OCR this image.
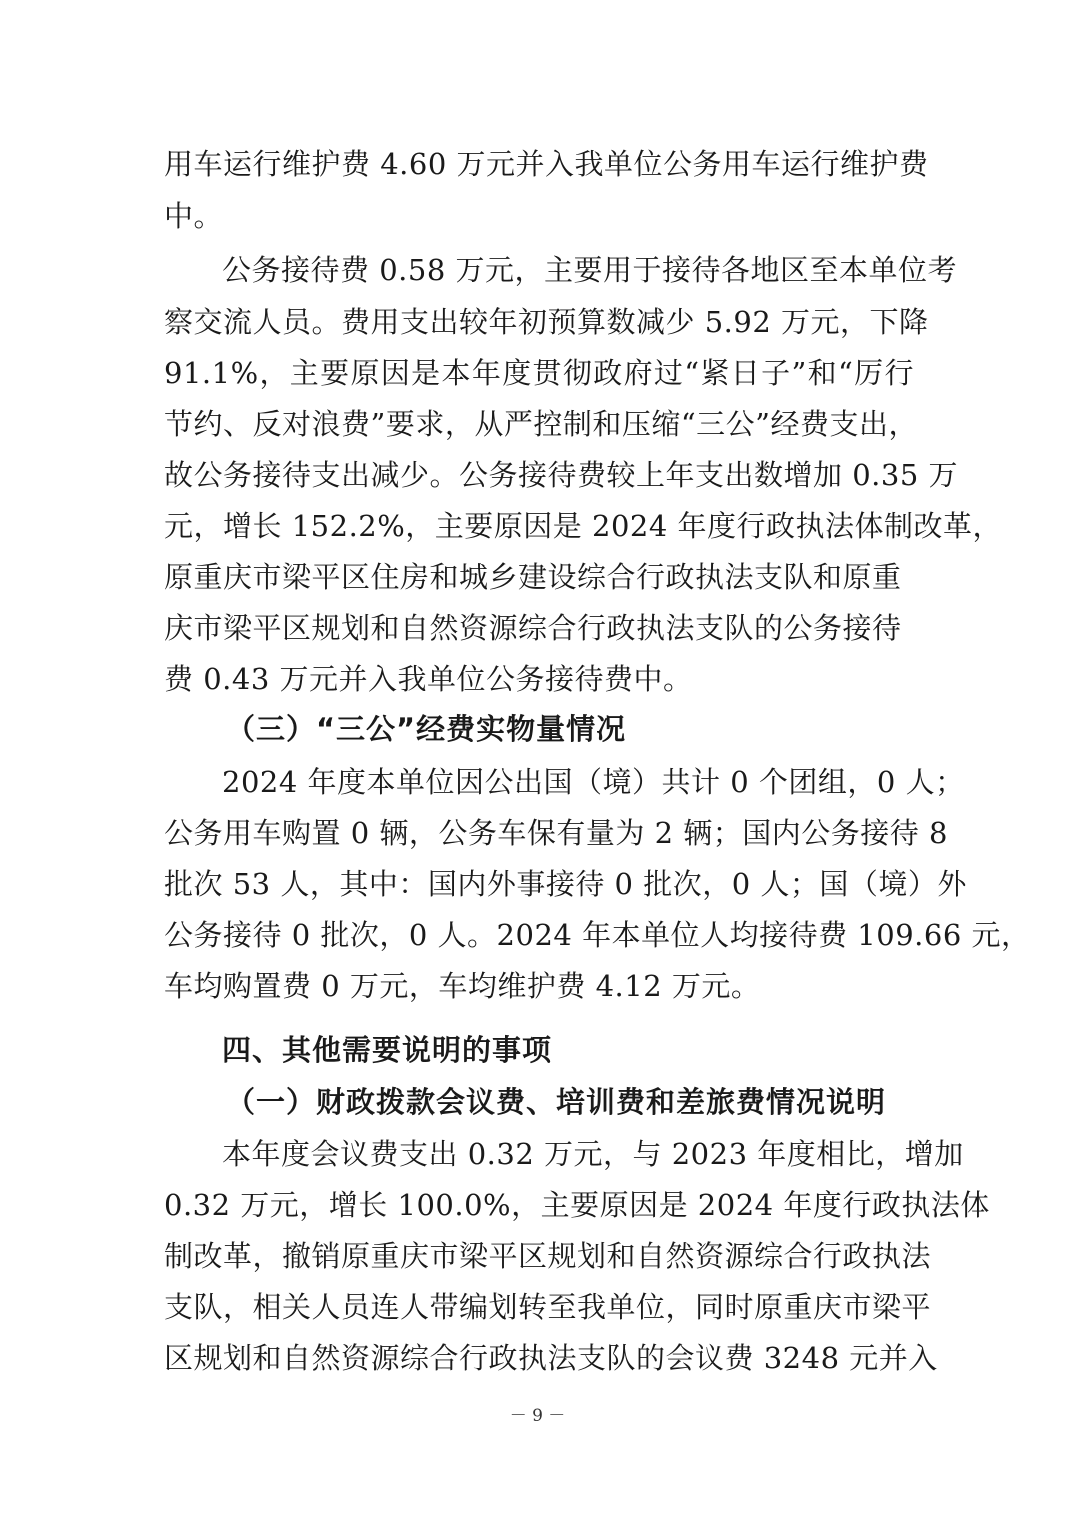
用车运行维护费 4.60 万元并入我单位公务用车运行维护费
中。
公务接待费 0.58 万元，主要用于接待各地区至本单位考
察交流人员。费用支出较年初预算数减少 5.92 万元，下降
91.1%，主要原因是本年度贯彻政府过“紧日子”和“厉行
节约、反对浪费”要求，从严控制和压缩“三公”经费支出，
故公务接待支出减少。公务接待费较上年支出数增加 0.35 万
元，增长 152.2%，主要原因是 2024 年度行政执法体制改革，
原重庆市梁平区住房和城乡建设综合行政执法支队和原重
庆市梁平区规划和自然资源综合行政执法支队的公务接待
费 0.43 万元并入我单位公务接待费中。
（三）“三公”经费实物量情况
2024 年度本单位因公出国（境）共计 0 个团组，0 人；
公务用车购置 0 辆，公务车保有量为 2 辆；国内公务接待 8
批次 53 人，其中：国内外事接待 0 批次，0 人；国（境）外
公务接待 0 批次，0 人。2024 年本单位人均接待费 109.66 元，
车均购置费 0 万元，车均维护费 4.12 万元。
四、其他需要说明的事项
（一）财政拨款会议费、培训费和差旅费情况说明
本年度会议费支出 0.32 万元，与 2023 年度相比，增加
0.32 万元，增长 100.0%，主要原因是 2024 年度行政执法体
制改革，撤销原重庆市梁平区规划和自然资源综合行政执法
支队，相关人员连人带编划转至我单位，同时原重庆市梁平
区规划和自然资源综合行政执法支队的会议费 3248 元并入
－ 9 －
